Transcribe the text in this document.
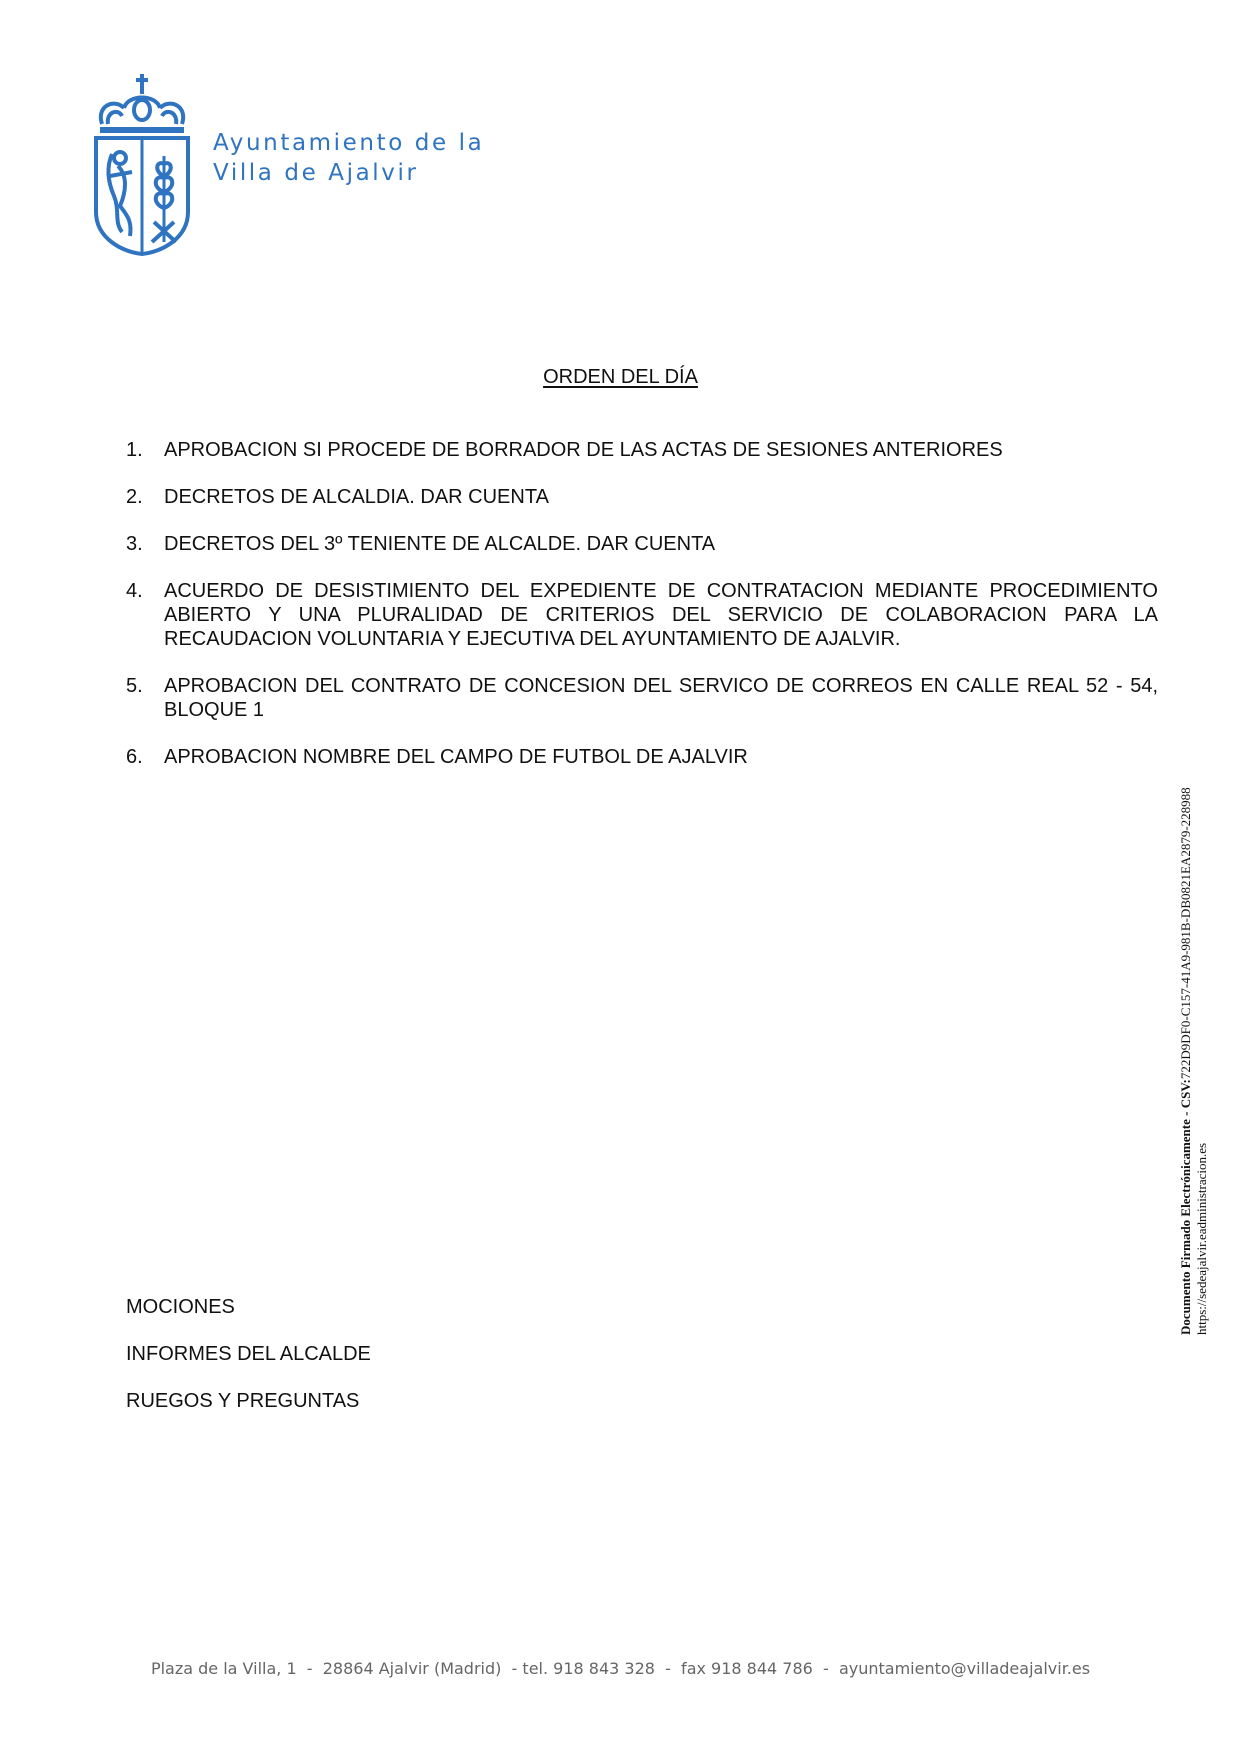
Ayuntamiento de la
Villa de Ajalvir
ORDEN DEL DÍA
1.	APROBACION SI PROCEDE DE BORRADOR DE LAS ACTAS DE SESIONES ANTERIORES
2.	DECRETOS DE ALCALDIA. DAR CUENTA
3.	DECRETOS DEL 3º TENIENTE DE ALCALDE. DAR CUENTA
4.	ACUERDO DE DESISTIMIENTO DEL EXPEDIENTE DE CONTRATACION MEDIANTE PROCEDIMIENTO ABIERTO Y UNA PLURALIDAD DE CRITERIOS DEL SERVICIO DE COLABORACION PARA LA RECAUDACION VOLUNTARIA Y EJECUTIVA DEL AYUNTAMIENTO DE AJALVIR.
5.	APROBACION DEL CONTRATO DE CONCESION DEL SERVICO DE CORREOS EN CALLE REAL 52 - 54, BLOQUE 1
6.	APROBACION NOMBRE DEL CAMPO DE FUTBOL DE AJALVIR
MOCIONES
INFORMES DEL ALCALDE
RUEGOS Y PREGUNTAS
Documento Firmado Electrónicamente - CSV:722D9DF0-C157-41A9-981B-DB0821EA2879-228988
https://sedeajalvir.eadministracion.es
Plaza de la Villa, 1  -  28864 Ajalvir (Madrid)  - tel. 918 843 328  -  fax 918 844 786  -  ayuntamiento@villadeajalvir.es
